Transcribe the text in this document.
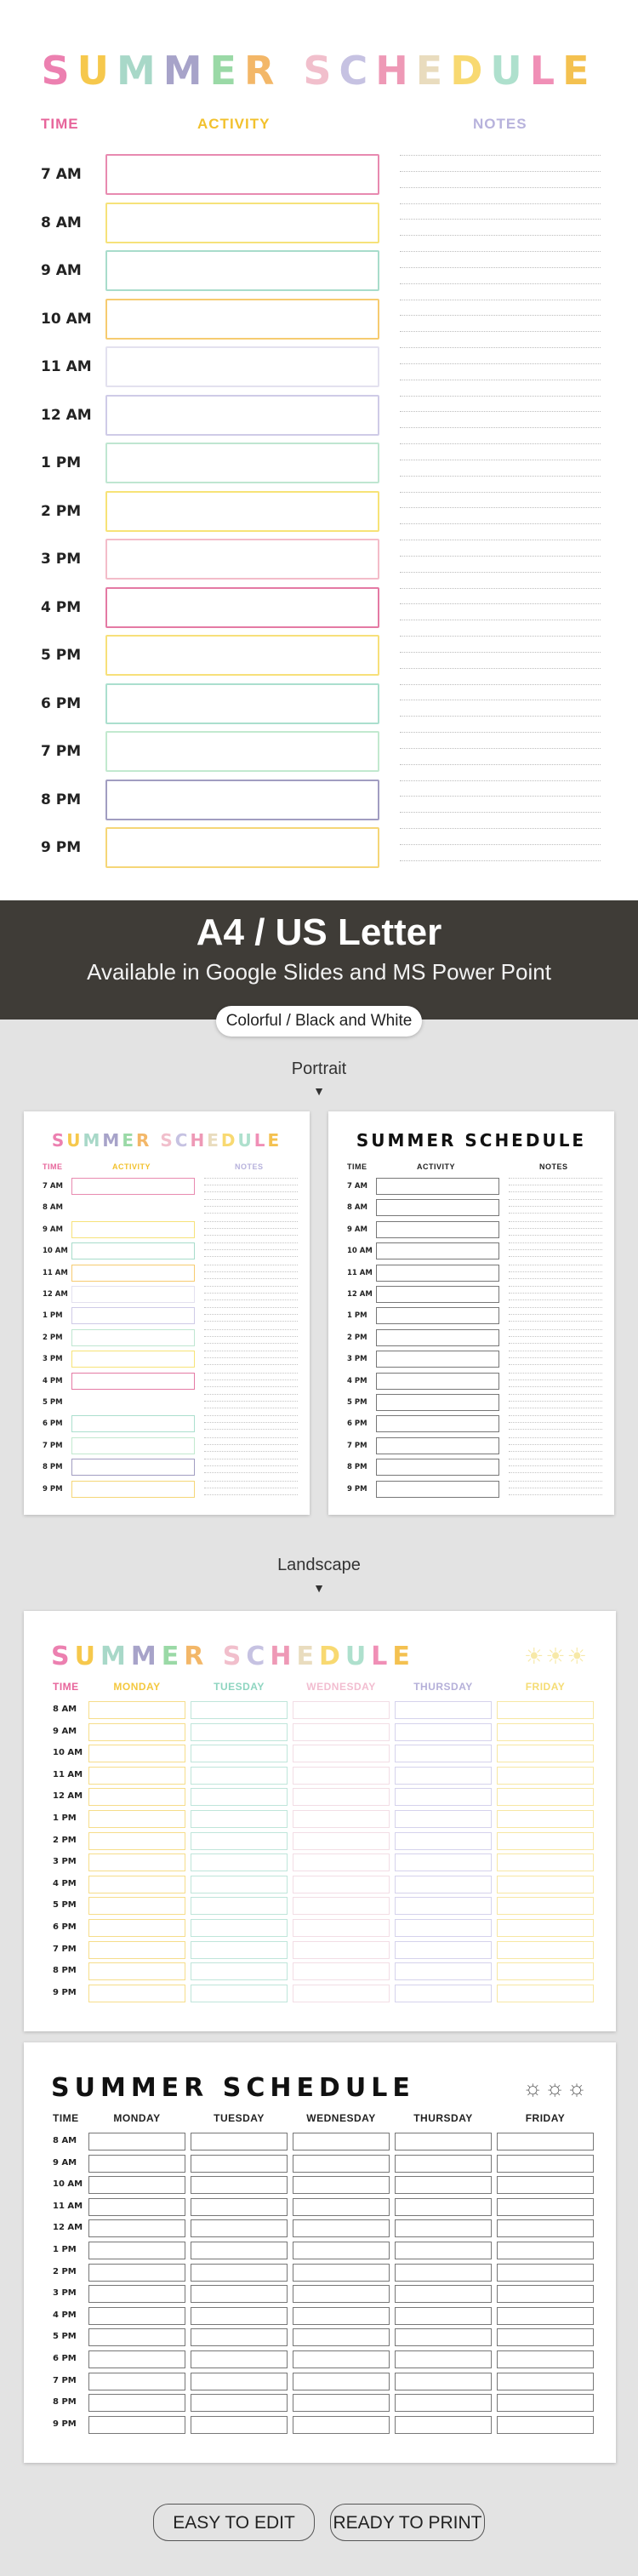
SUMMER SCHEDULE
TIME	ACTIVITY	NOTES
7 AM
8 AM
9 AM
10 AM
11 AM
12 AM
1 PM
2 PM
3 PM
4 PM
5 PM
6 PM
7 PM
8 PM
9 PM
A4 / US Letter
Available in Google Slides and MS Power Point
Colorful / Black and White
Portrait
▼
SUMMER SCHEDULE
TIME	ACTIVITY	NOTES
7 AM
8 AM
9 AM
10 AM
11 AM
12 AM
1 PM
2 PM
3 PM
4 PM
5 PM
6 PM
7 PM
8 PM
9 PM
SUMMER SCHEDULE
TIME	ACTIVITY	NOTES
7 AM
8 AM
9 AM
10 AM
11 AM
12 AM
1 PM
2 PM
3 PM
4 PM
5 PM
6 PM
7 PM
8 PM
9 PM
Landscape
▼
SUMMER SCHEDULE	☀☀☀
TIME	MONDAY	TUESDAY	WEDNESDAY	THURSDAY	FRIDAY
8 AM
9 AM
10 AM
11 AM
12 AM
1 PM
2 PM
3 PM
4 PM
5 PM
6 PM
7 PM
8 PM
9 PM
SUMMER SCHEDULE	☼☼☼
TIME	MONDAY	TUESDAY	WEDNESDAY	THURSDAY	FRIDAY
8 AM
9 AM
10 AM
11 AM
12 AM
1 PM
2 PM
3 PM
4 PM
5 PM
6 PM
7 PM
8 PM
9 PM
EASY TO EDIT	READY TO PRINT
